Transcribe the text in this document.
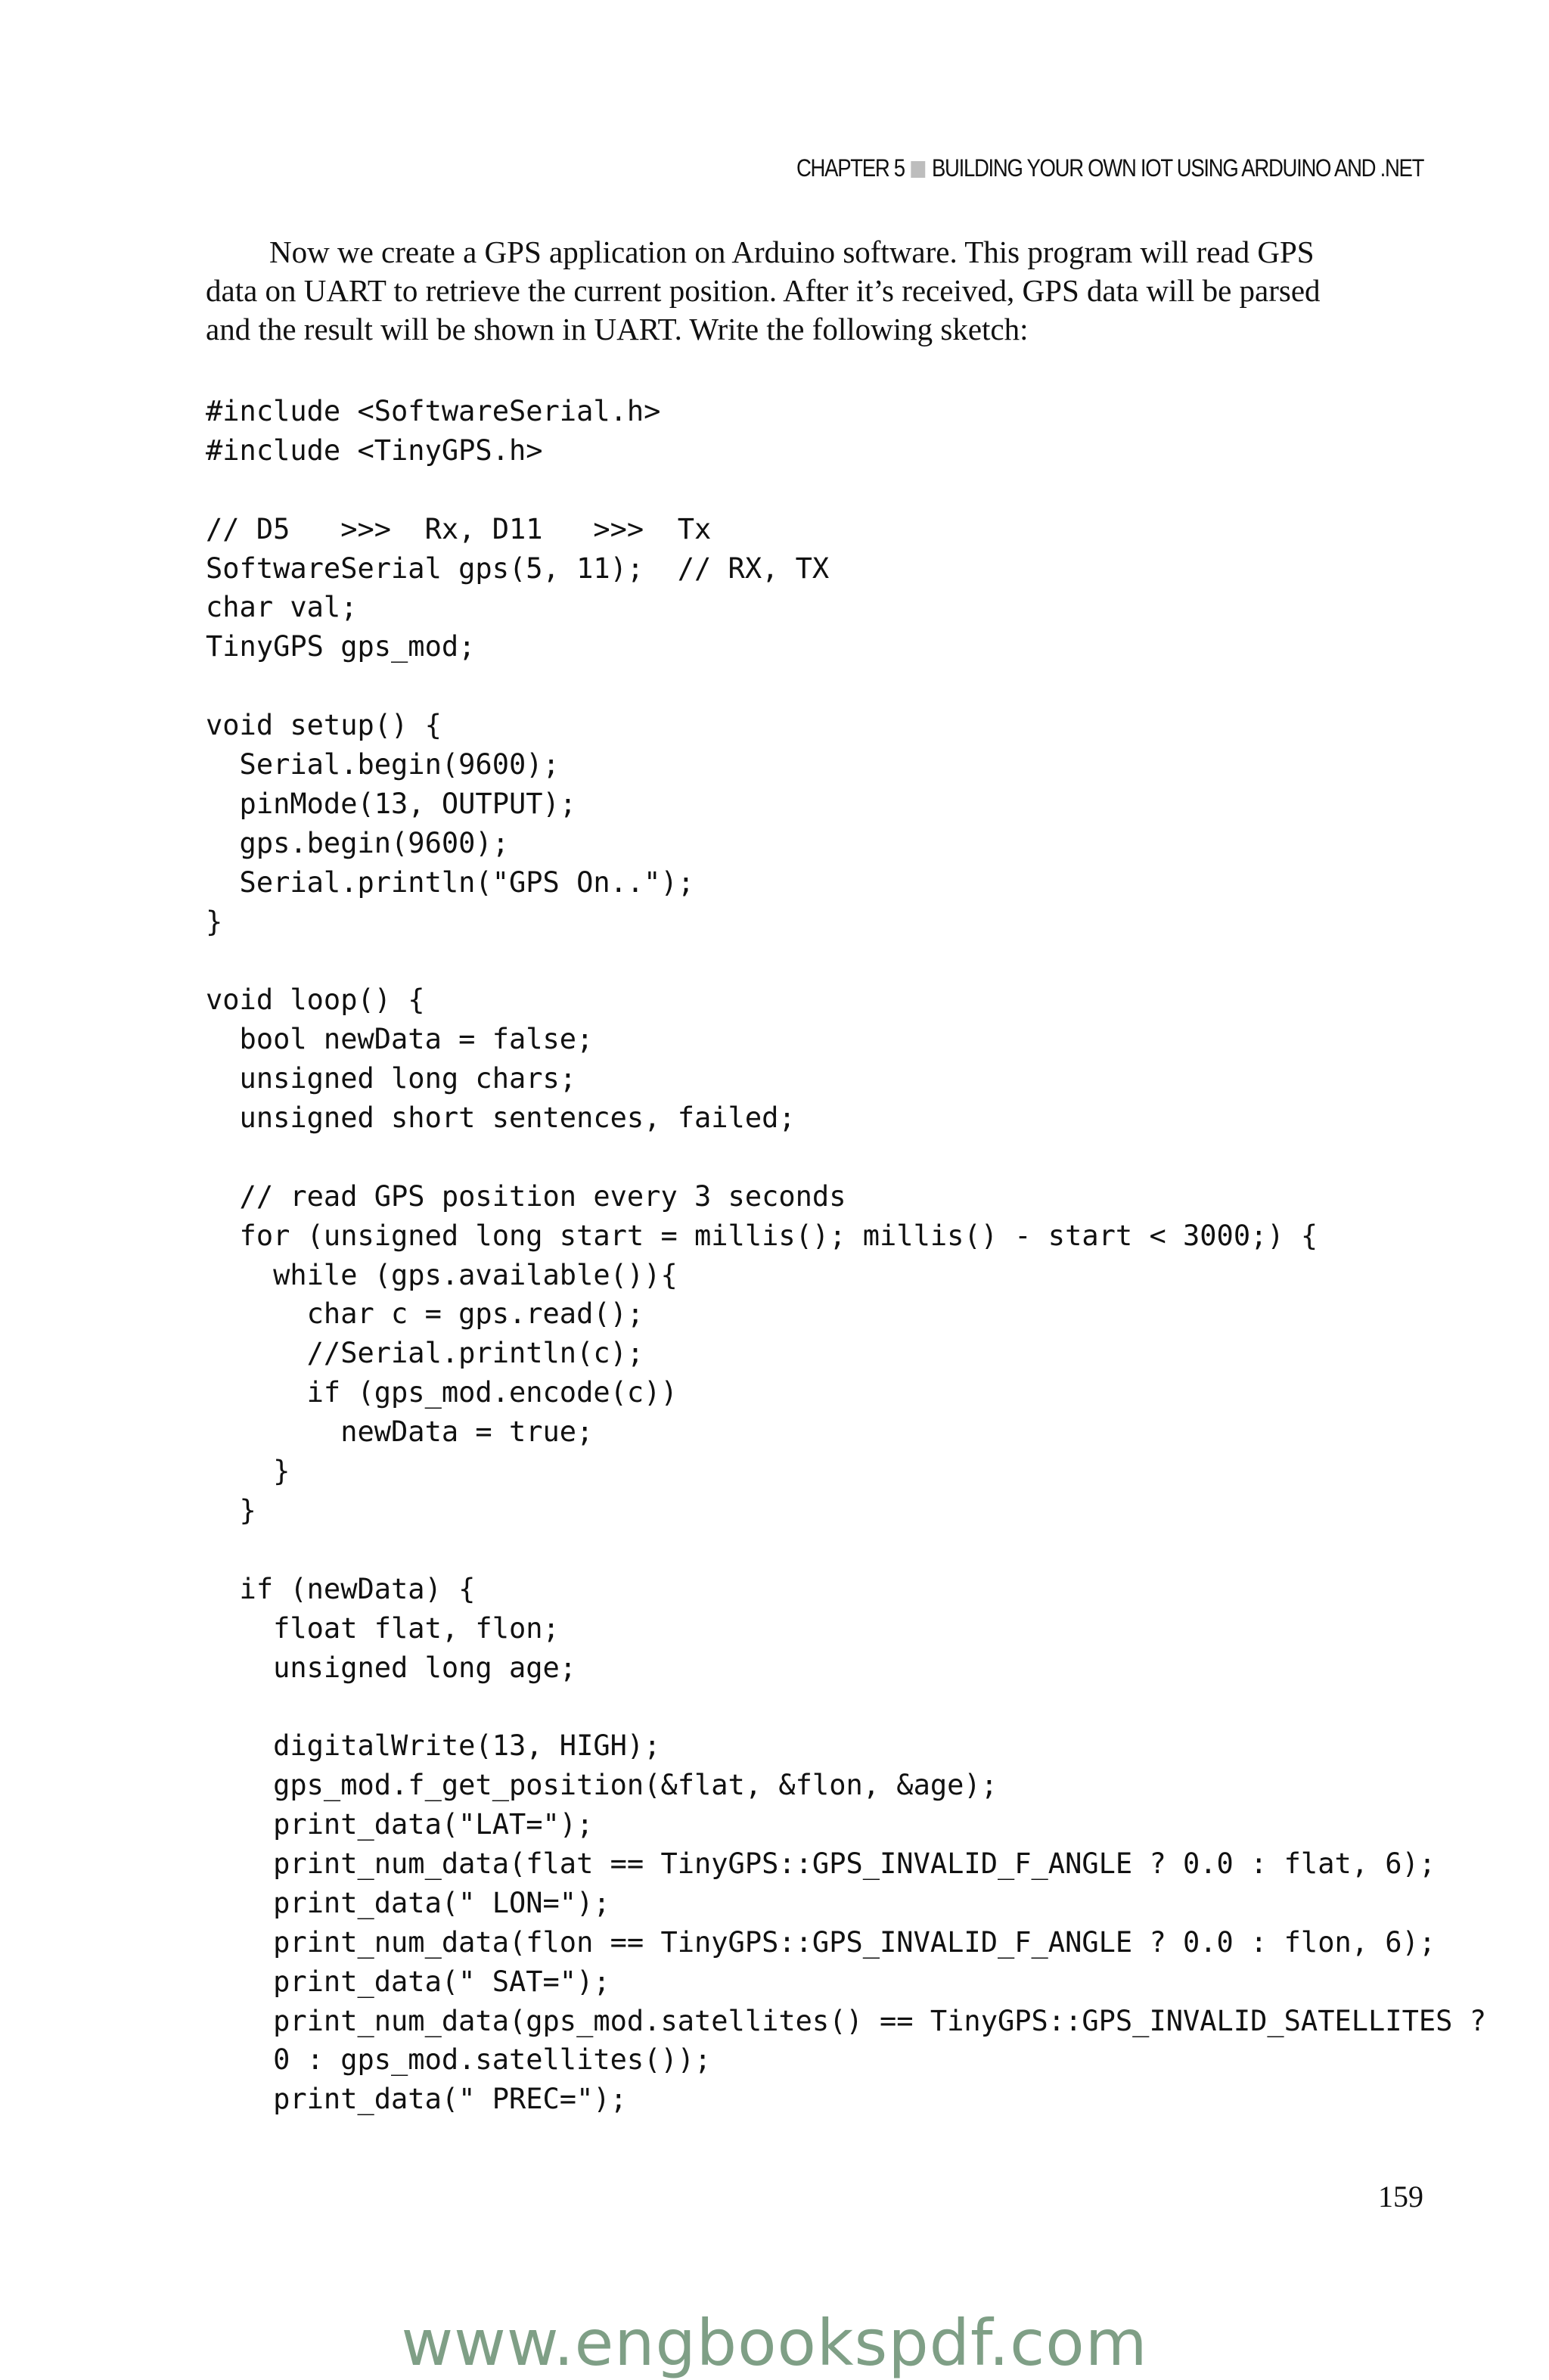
CHAPTER 5 BUILDING YOUR OWN IOT USING ARDUINO AND .NET

Now we create a GPS application on Arduino software. This program will read GPS
data on UART to retrieve the current position. After it’s received, GPS data will be parsed
and the result will be shown in UART. Write the following sketch:

#include <SoftwareSerial.h>
#include <TinyGPS.h>
// D5   >>>  Rx, D11   >>>  Tx
SoftwareSerial gps(5, 11);  // RX, TX
char val;
TinyGPS gps_mod;
void setup() {
Serial.begin(9600);
pinMode(13, OUTPUT);
gps.begin(9600);
Serial.println("GPS On..");
}
void loop() {
bool newData = false;
unsigned long chars;
unsigned short sentences, failed;
// read GPS position every 3 seconds
for (unsigned long start = millis(); millis() - start < 3000;) {
while (gps.available()){
char c = gps.read();
//Serial.println(c);
if (gps_mod.encode(c))
newData = true;
}
}
if (newData) {
float flat, flon;
unsigned long age;
digitalWrite(13, HIGH);
gps_mod.f_get_position(&flat, &flon, &age);
print_data("LAT=");
print_num_data(flat == TinyGPS::GPS_INVALID_F_ANGLE ? 0.0 : flat, 6);
print_data(" LON=");
print_num_data(flon == TinyGPS::GPS_INVALID_F_ANGLE ? 0.0 : flon, 6);
print_data(" SAT=");
print_num_data(gps_mod.satellites() == TinyGPS::GPS_INVALID_SATELLITES ?
0 : gps_mod.satellites());
print_data(" PREC=");
159
www.engbookspdf.com
